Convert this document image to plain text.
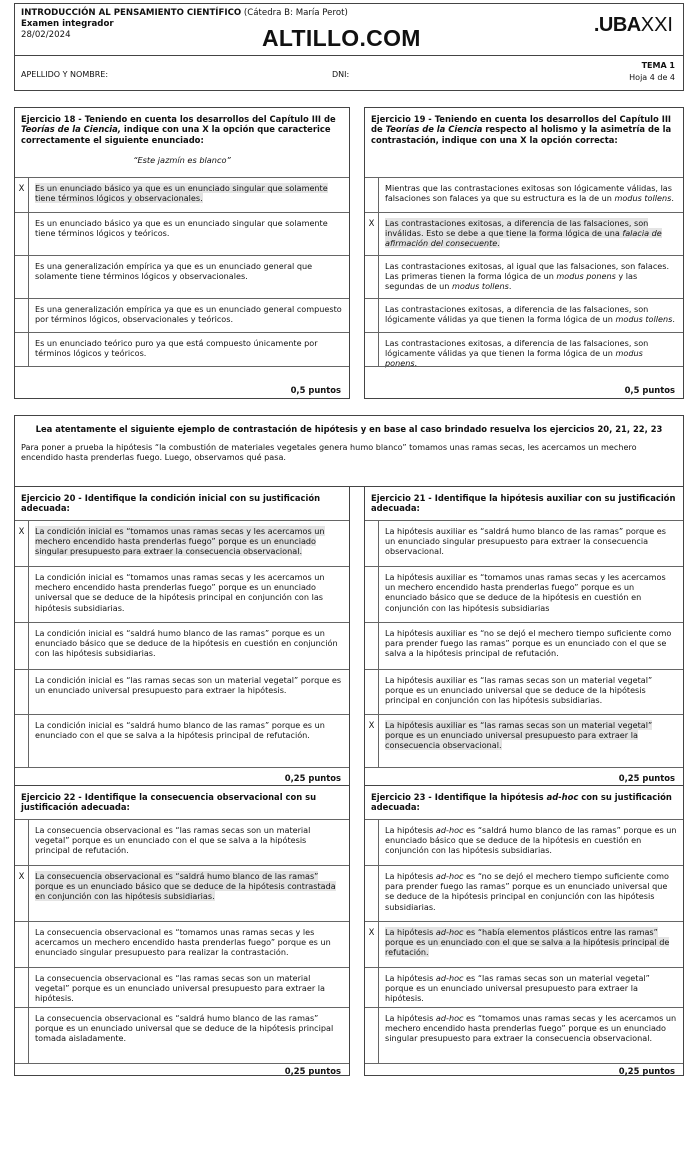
INTRODUCCIÓN AL PENSAMIENTO CIENTÍFICO (Cátedra B: María Perot)
Examen integrador
28/02/2024	ALTILLO.COM	.UBAXXI
APELLIDO Y NOMBRE:	DNI:
TEMA 1
Hoja 4 de 4
Ejercicio 18 - Teniendo en cuenta los desarrollos del Capítulo III de Teorías de la Ciencia, indique con una X la opción que caracterice correctamente el siguiente enunciado:
“Este jazmín es blanco”
X	Es un enunciado básico ya que es un enunciado singular que solamente tiene términos lógicos y observacionales.
Es un enunciado básico ya que es un enunciado singular que solamente tiene términos lógicos y teóricos.
Es una generalización empírica ya que es un enunciado general que solamente tiene términos lógicos y observacionales.
Es una generalización empírica ya que es un enunciado general compuesto por términos lógicos, observacionales y teóricos.
Es un enunciado teórico puro ya que está compuesto únicamente por términos lógicos y teóricos.
0,5 puntos
Ejercicio 19 - Teniendo en cuenta los desarrollos del Capítulo III de Teorías de la Ciencia respecto al holismo y la asimetría de la contrastación, indique con una X la opción correcta:
Mientras que las contrastaciones exitosas son lógicamente válidas, las falsaciones son falaces ya que su estructura es la de un modus tollens.
X	Las contrastaciones exitosas, a diferencia de las falsaciones, son inválidas. Esto se debe a que tiene la forma lógica de una falacia de afirmación del consecuente.
Las contrastaciones exitosas, al igual que las falsaciones, son falaces. Las primeras tienen la forma lógica de un modus ponens y las segundas de un modus tollens.
Las contrastaciones exitosas, a diferencia de las falsaciones, son lógicamente válidas ya que tienen la forma lógica de un modus tollens.
Las contrastaciones exitosas, a diferencia de las falsaciones, son lógicamente válidas ya que tienen la forma lógica de un modus ponens.
0,5 puntos
Lea atentamente el siguiente ejemplo de contrastación de hipótesis y en base al caso brindado resuelva los ejercicios 20, 21, 22, 23
Para poner a prueba la hipótesis “la combustión de materiales vegetales genera humo blanco” tomamos unas ramas secas, les acercamos un mechero encendido hasta prenderlas fuego. Luego, observamos qué pasa.
Ejercicio 20 - Identifique la condición inicial con su justificación adecuada:
X	La condición inicial es “tomamos unas ramas secas y les acercamos un mechero encendido hasta prenderlas fuego” porque es un enunciado singular presupuesto para extraer la consecuencia observacional.
La condición inicial es “tomamos unas ramas secas y les acercamos un mechero encendido hasta prenderlas fuego” porque es un enunciado universal que se deduce de la hipótesis principal en conjunción con las hipótesis subsidiarias.
La condición inicial es “saldrá humo blanco de las ramas” porque es un enunciado básico que se deduce de la hipótesis en cuestión en conjunción con las hipótesis subsidiarias.
La condición inicial es “las ramas secas son un material vegetal” porque es un enunciado universal presupuesto para extraer la hipótesis.
La condición inicial es “saldrá humo blanco de las ramas” porque es un enunciado con el que se salva a la hipótesis principal de refutación.
0,25 puntos
Ejercicio 21 - Identifique la hipótesis auxiliar con su justificación adecuada:
La hipótesis auxiliar es “saldrá humo blanco de las ramas” porque es un enunciado singular presupuesto para extraer la consecuencia observacional.
La hipótesis auxiliar es “tomamos unas ramas secas y les acercamos un mechero encendido hasta prenderlas fuego” porque es un enunciado básico que se deduce de la hipótesis en cuestión en conjunción con las hipótesis subsidiarias
La hipótesis auxiliar es “no se dejó el mechero tiempo suficiente como para prender fuego las ramas” porque es un enunciado con el que se salva a la hipótesis principal de refutación.
La hipótesis auxiliar es “las ramas secas son un material vegetal” porque es un enunciado universal que se deduce de la hipótesis principal en conjunción con las hipótesis subsidiarias.
X	La hipótesis auxiliar es “las ramas secas son un material vegetal” porque es un enunciado universal presupuesto para extraer la consecuencia observacional.
0,25 puntos
Ejercicio 22 - Identifique la consecuencia observacional con su justificación adecuada:
La consecuencia observacional es “las ramas secas son un material vegetal” porque es un enunciado con el que se salva a la hipótesis principal de refutación.
X	La consecuencia observacional es “saldrá humo blanco de las ramas” porque es un enunciado básico que se deduce de la hipótesis contrastada en conjunción con las hipótesis subsidiarias.
La consecuencia observacional es “tomamos unas ramas secas y les acercamos un mechero encendido hasta prenderlas fuego” porque es un enunciado singular presupuesto para realizar la contrastación.
La consecuencia observacional es “las ramas secas son un material vegetal” porque es un enunciado universal presupuesto para extraer la hipótesis.
La consecuencia observacional es “saldrá humo blanco de las ramas” porque es un enunciado universal que se deduce de la hipótesis principal tomada aisladamente.
0,25 puntos
Ejercicio 23 - Identifique la hipótesis ad-hoc con su justificación adecuada:
La hipótesis ad-hoc es “saldrá humo blanco de las ramas” porque es un enunciado básico que se deduce de la hipótesis en cuestión en conjunción con las hipótesis subsidiarias.
La hipótesis ad-hoc es “no se dejó el mechero tiempo suficiente como para prender fuego las ramas” porque es un enunciado universal que se deduce de la hipótesis principal en conjunción con las hipótesis subsidiarias.
X	La hipótesis ad-hoc es “había elementos plásticos entre las ramas” porque es un enunciado con el que se salva a la hipótesis principal de refutación.
La hipótesis ad-hoc es “las ramas secas son un material vegetal” porque es un enunciado universal presupuesto para extraer la hipótesis.
La hipótesis ad-hoc es “tomamos unas ramas secas y les acercamos un mechero encendido hasta prenderlas fuego” porque es un enunciado singular presupuesto para extraer la consecuencia observacional.
0,25 puntos
